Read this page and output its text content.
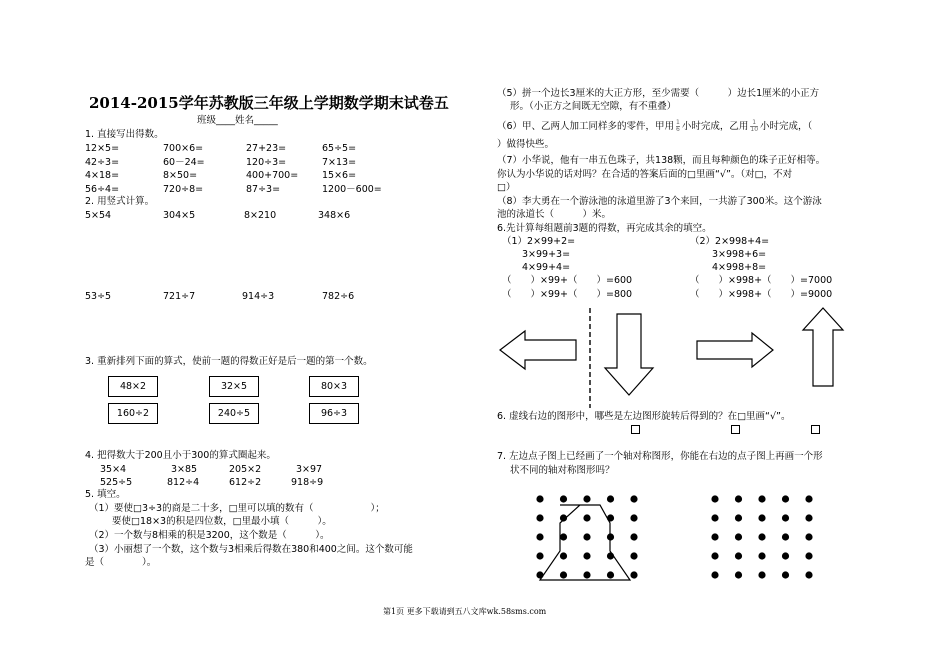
2014-2015学年苏教版三年级上学期数学期末试卷五
班级____姓名_____
1. 直接写出得数。
2. 用竖式计算。
3. 重新排列下面的算式，使前一题的得数正好是后一题的第一个数。
4. 把得数大于200且小于300的算式圈起来。
5. 填空。
（1）要使□3÷3的商是二十多，□里可以填的数有（　　　　　　）；
要使□18×3的积是四位数，□里最小填（　　　）。
（2）一个数与8相乘的积是3200，这个数是（　　　）。
（3）小丽想了一个数，这个数与3相乘后得数在380和400之间。这个数可能
是（　　　　）。
（5）拼一个边长3厘米的大正方形，至少需要（　　　）边长1厘米的小正方
形。（小正方之间既无空隙，有不重叠）
（6）甲、乙两人加工同样多的零件，甲用 $\frac{1}{6}$ 小时完成，乙用 $\frac{1}{10}$ 小时完成，（
）做得快些。
（7）小华说，他有一串五色珠子，共138颗，而且每种颜色的珠子正好相等。
你认为小华说的话对吗？在合适的答案后面的□里画“√”。（对□，不对
□）
（8）李大勇在一个游泳池的泳道里游了3个来回，一共游了300米。这个游泳
池的泳道长（　　　）米。
6.先计算每组题前3题的得数，再完成其余的填空。
6. 虚线右边的图形中，哪些是左边图形旋转后得到的？在□里画“√”。
7. 左边点子图上已经画了一个轴对称图形，你能在右边的点子图上再画一个形
状不同的轴对称图形吗？
第1页 更多下载请到五八文库wk.58sms.com
12×5=	700×6=	27+23=	65÷5=
42÷3=	60－24=	120÷3=	7×13=
4×18=	8×50=	400+700=	15×6=
56÷4=	720÷8=	87÷3=	1200－600=
5×54	304×5	8×210	348×6
53÷5	721÷7	914÷3	782÷6
48×2	32×5	80×3
160÷2	240÷5	96÷3
35×4	3×85	205×2	3×97
525÷5	812÷4	612÷2	918÷9
（1）2×99+2=
3×99+3=
4×99+4=
（　　）×99+（　　）=600
（　　）×99+（　　）=800
（2）2×998+4=
3×998+6=
4×998+8=
（　　）×998+（　　）=7000
（　　）×998+（　　）=9000
